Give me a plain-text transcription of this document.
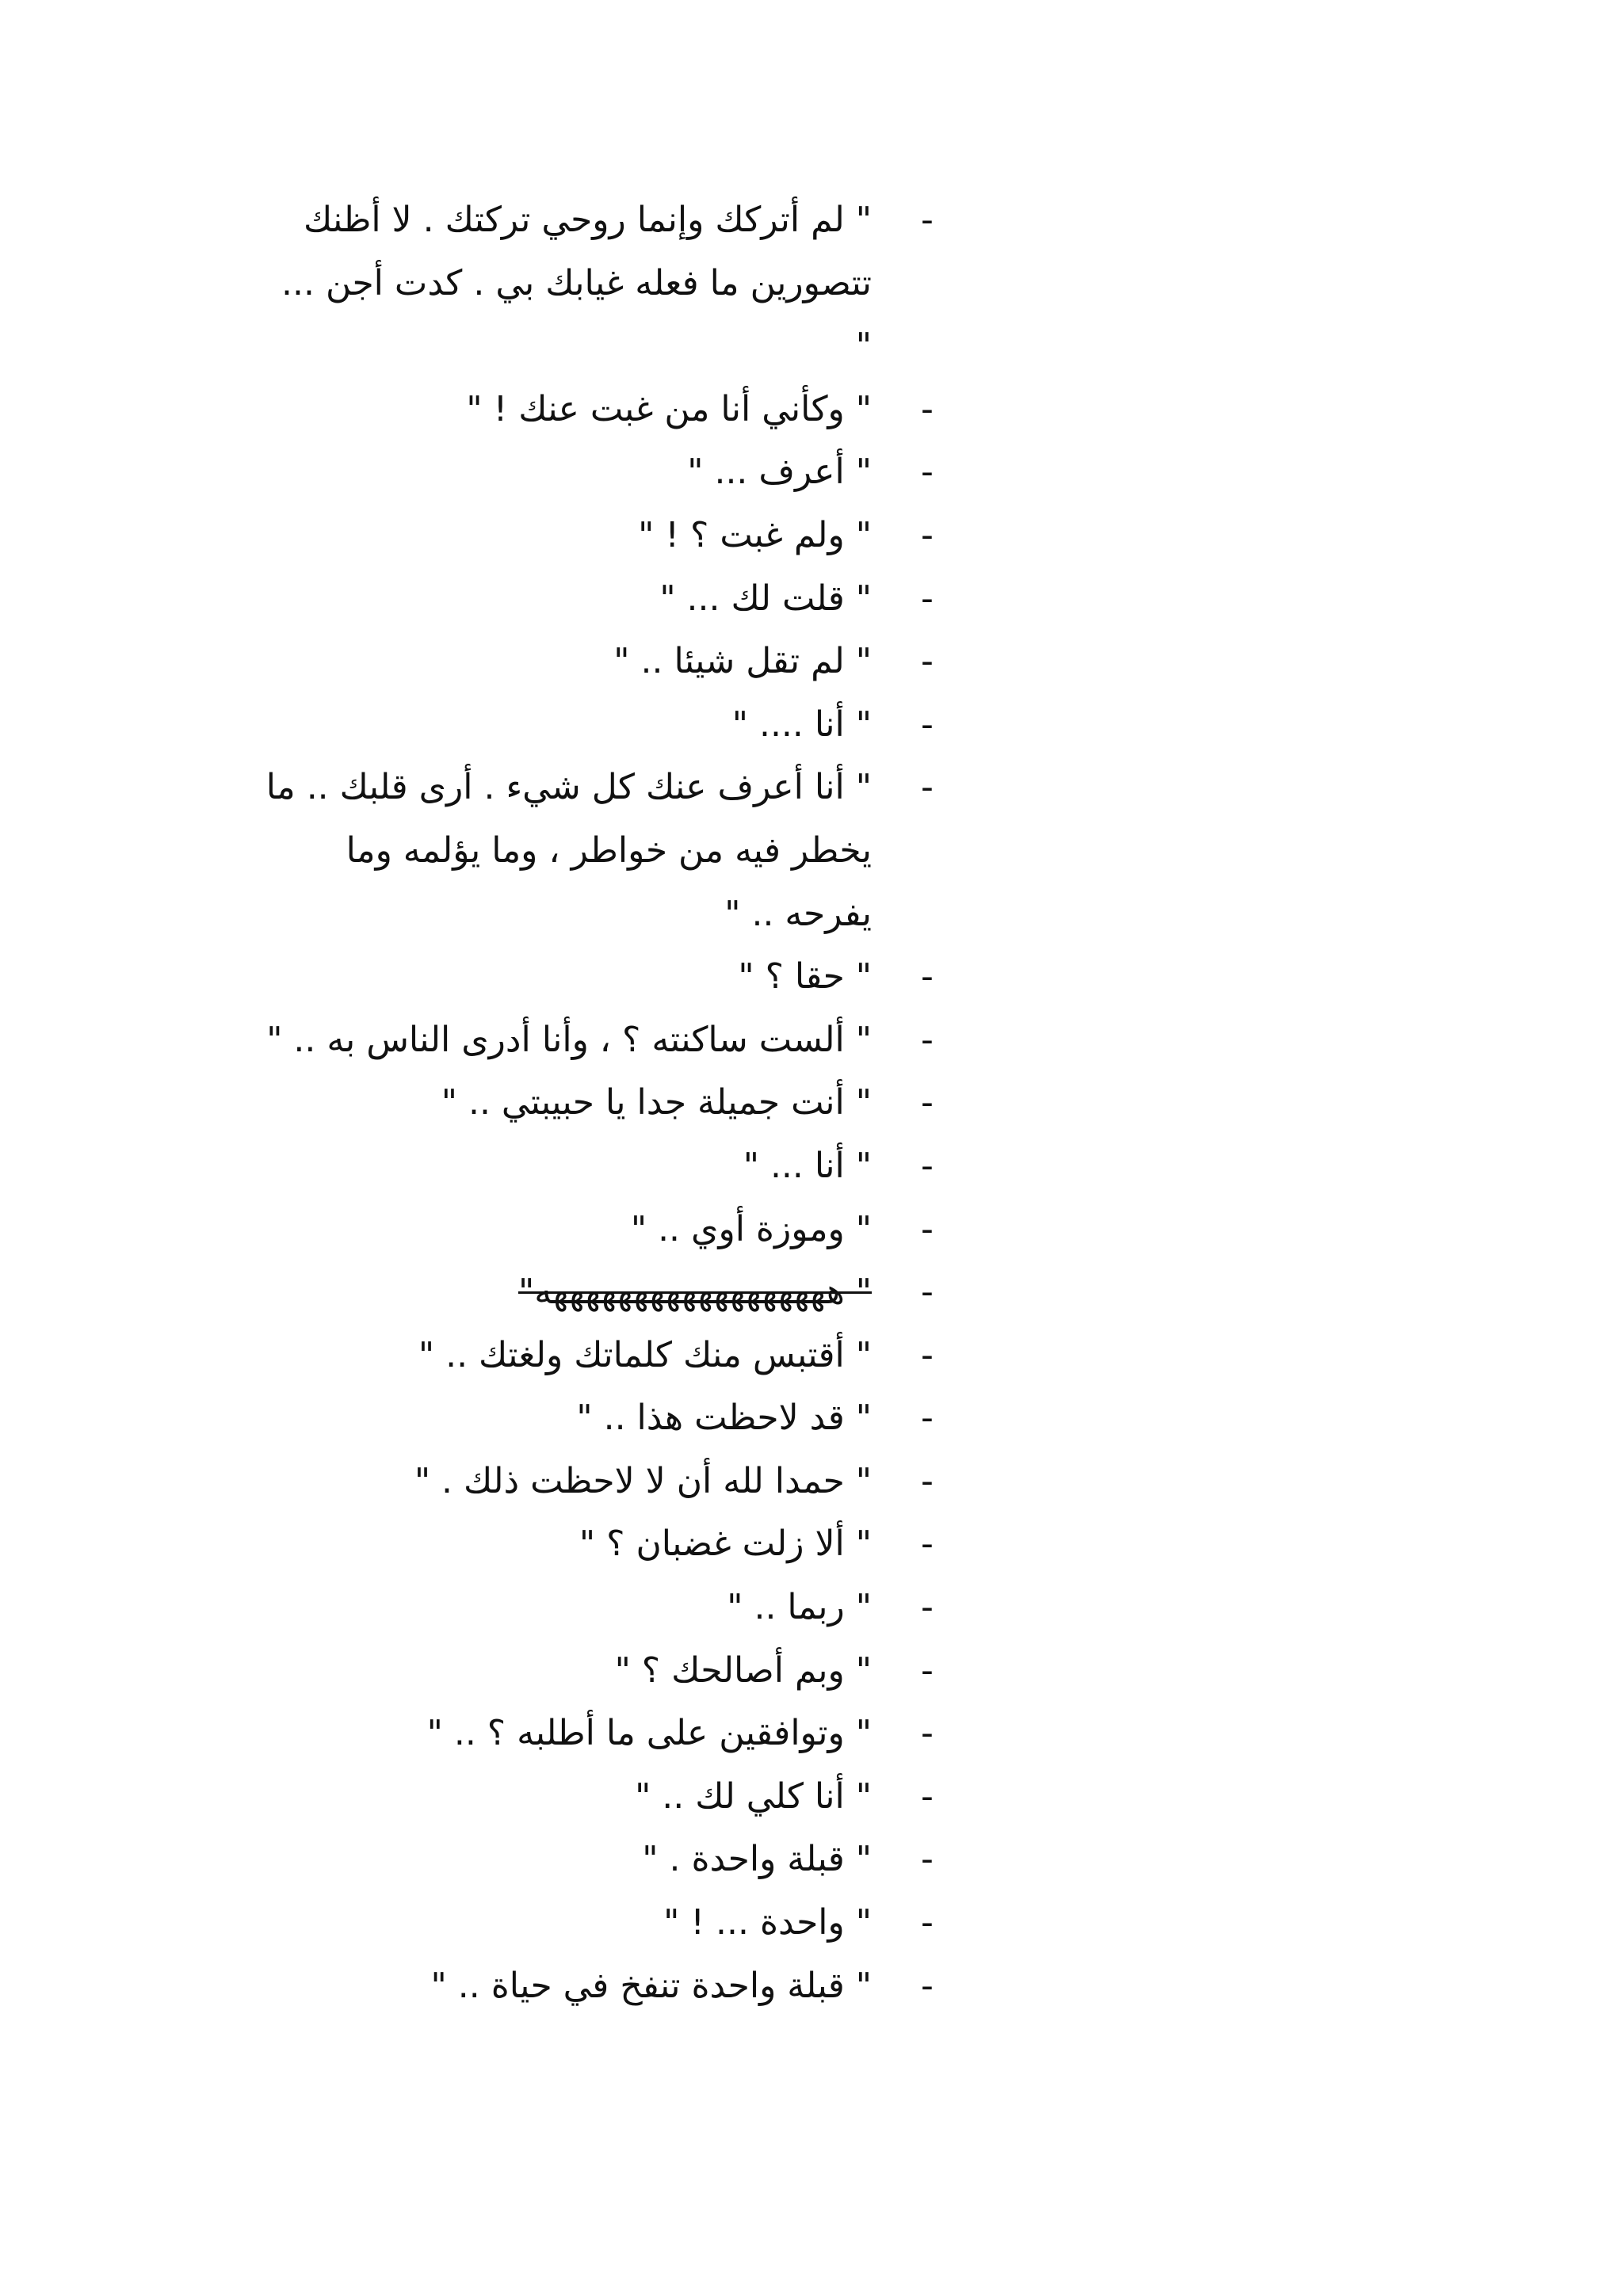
-
" لم أتركك وإنما روحي تركتك . لا أظنك تتصورين ما فعله غيابك بي . كدت أجن ... "
-
" وكأني أنا من غبت عنك ! "
-
" أعرف ... "
-
" ولم غبت ؟ ! "
-
" قلت لك ... "
-
" لم تقل شيئا .. "
-
" أنا .... "
-
" أنا أعرف عنك كل شيء . أرى قلبك .. ما يخطر فيه من خواطر ، وما يؤلمه وما يفرحه .. "
-
" حقا ؟ "
-
" ألست ساكنته ؟ ، وأنا أدرى الناس به .. "
-
" أنت جميلة جدا يا حبيبتي .. "
-
" أنا ... "
-
" وموزة أوي .. "
-
" ههههههههههههههههههه"
-
" أقتبس منك كلماتك ولغتك .. "
-
" قد لاحظت هذا .. "
-
" حمدا لله أن لا لاحظت ذلك . "
-
" ألا زلت غضبان ؟ "
-
" ربما .. "
-
" وبم أصالحك ؟ "
-
" وتوافقين على ما أطلبه ؟ .. "
-
" أنا كلي لك .. "
-
" قبلة واحدة . "
-
" واحدة ... ! "
-
" قبلة واحدة تنفخ في حياة .. "
